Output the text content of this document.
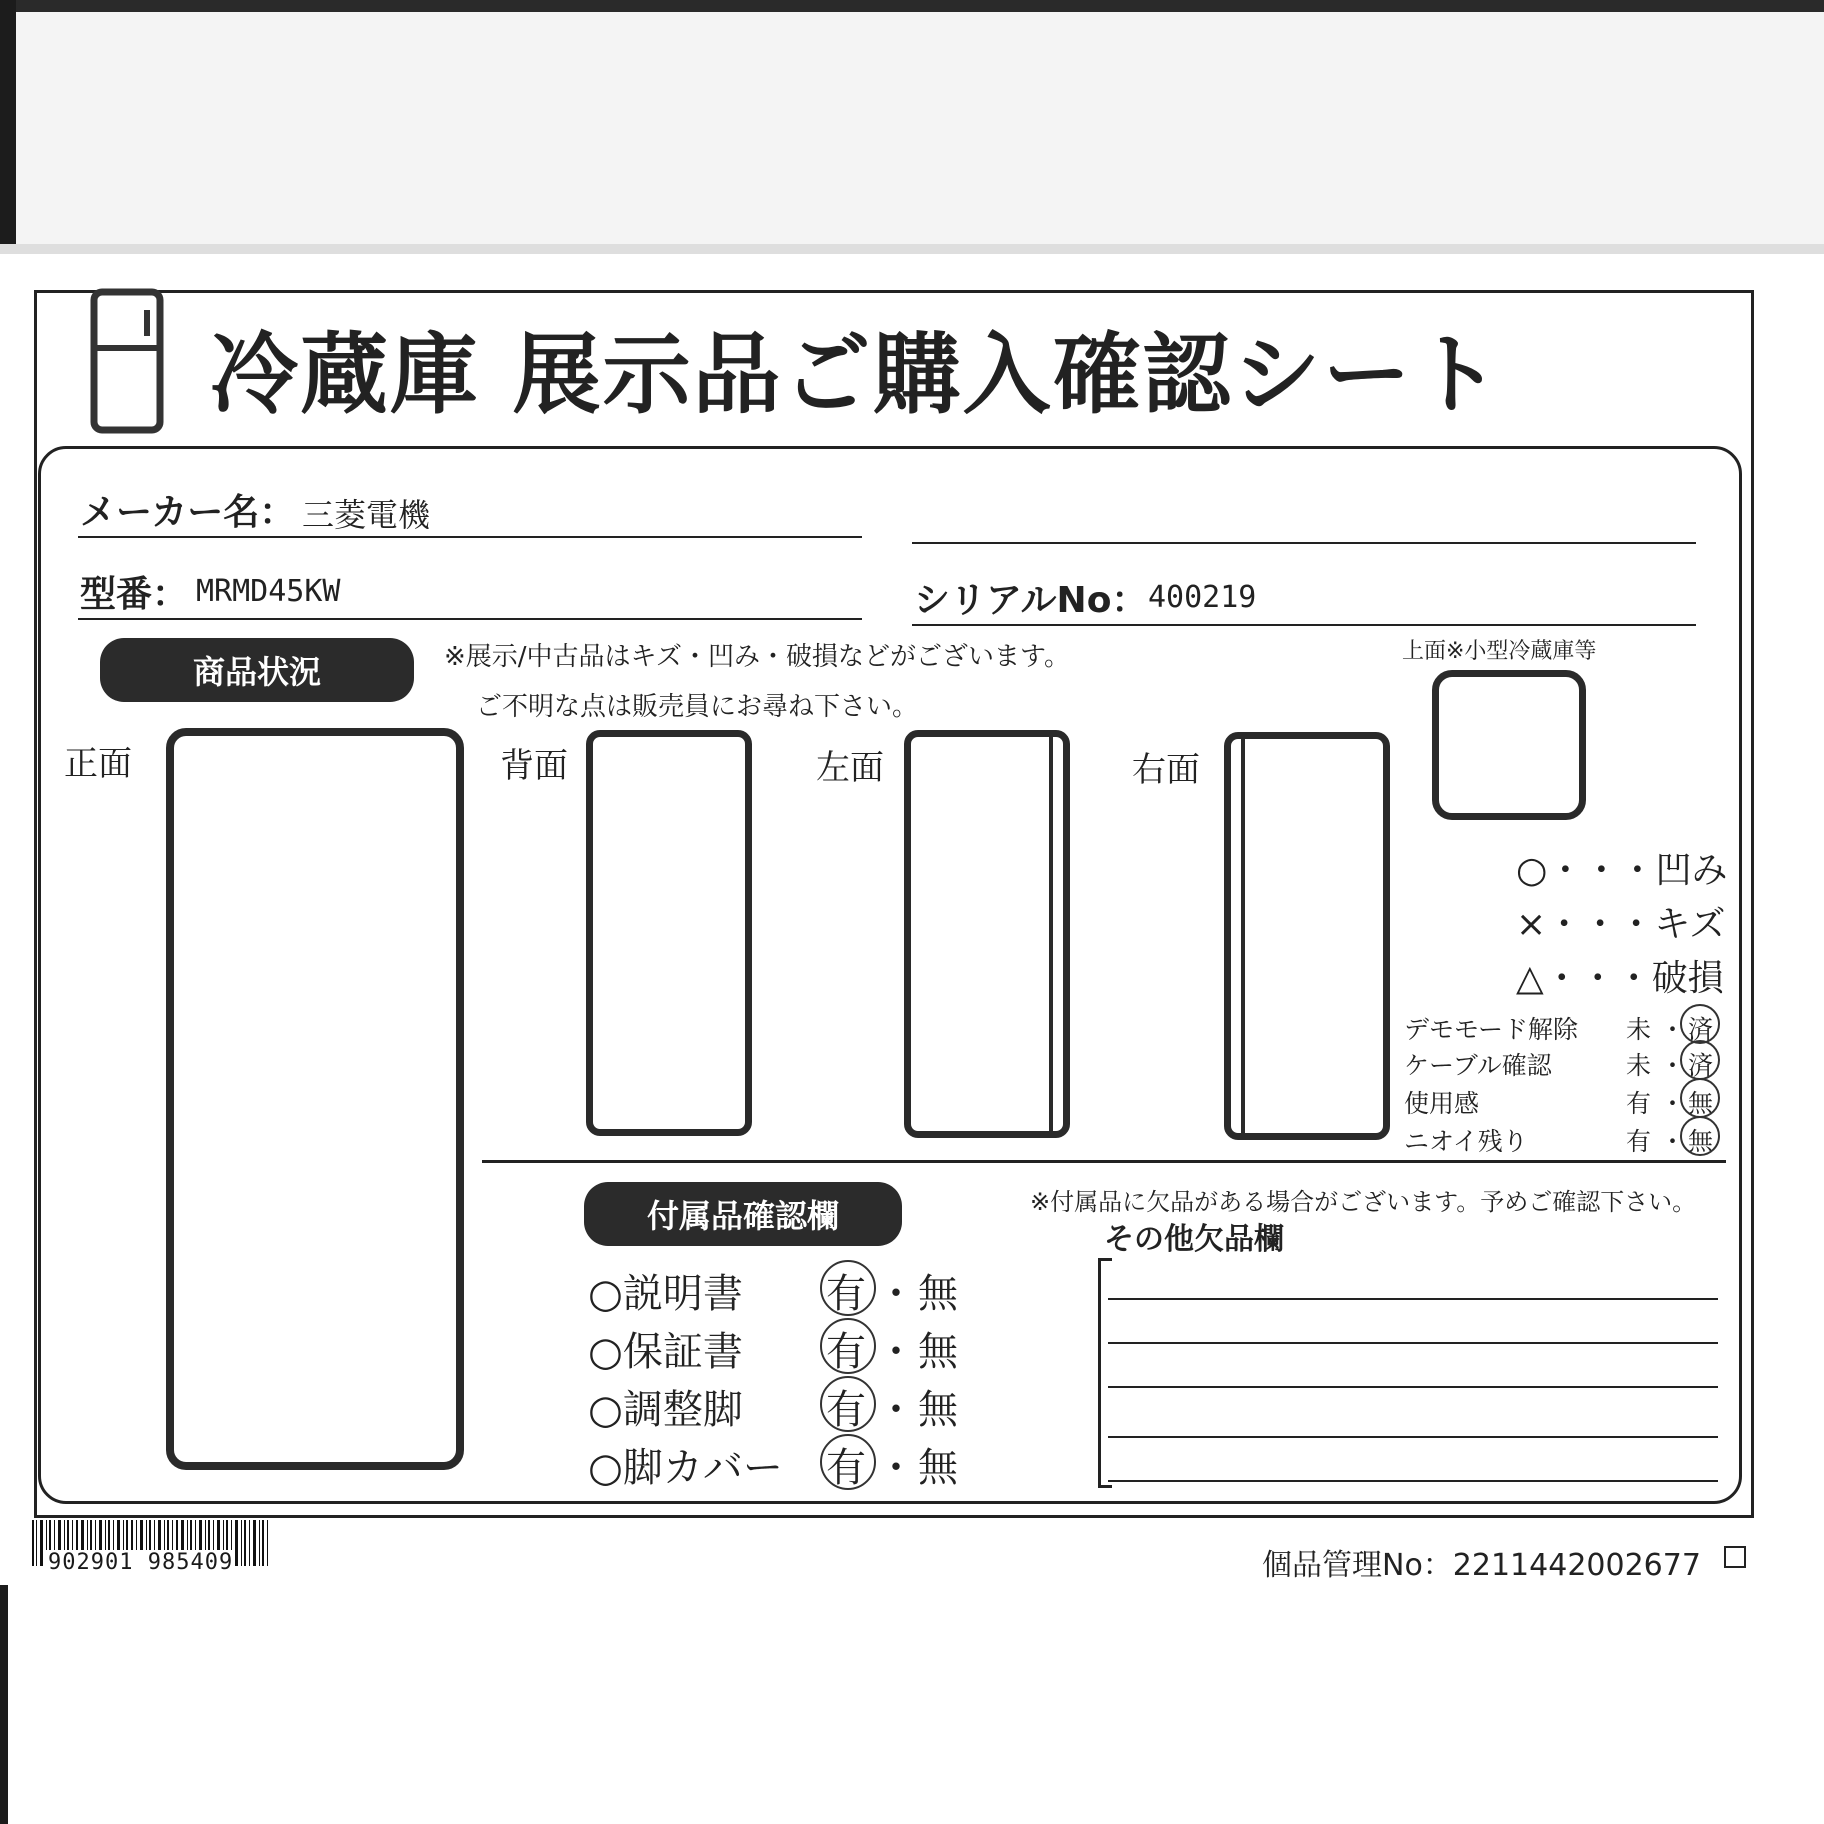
冷蔵庫 展示品ご購入確認シート
メーカー名： 三菱電機
型番： MRMD45KW	シリアルNo： 400219
商品状況	※展示/中古品はキズ・凹み・破損などがございます。
ご不明な点は販売員にお尋ね下さい。
正面	背面	左面	右面
上面※小型冷蔵庫等
○・・・凹み
×・・・キズ
△・・・破損
デモモード解除 未 ・ 済
ケーブル確認	未 ・ 済
使用感	有 ・ 無
ニオイ残り	有 ・ 無
付属品確認欄	※付属品に欠品がある場合がございます。予めご確認下さい。
その他欠品欄
○説明書 有 ・ 無
○保証書 有 ・ 無
○調整脚 有 ・ 無
○脚カバー 有 ・ 無
902901 985409	個品管理No：2211442002677
